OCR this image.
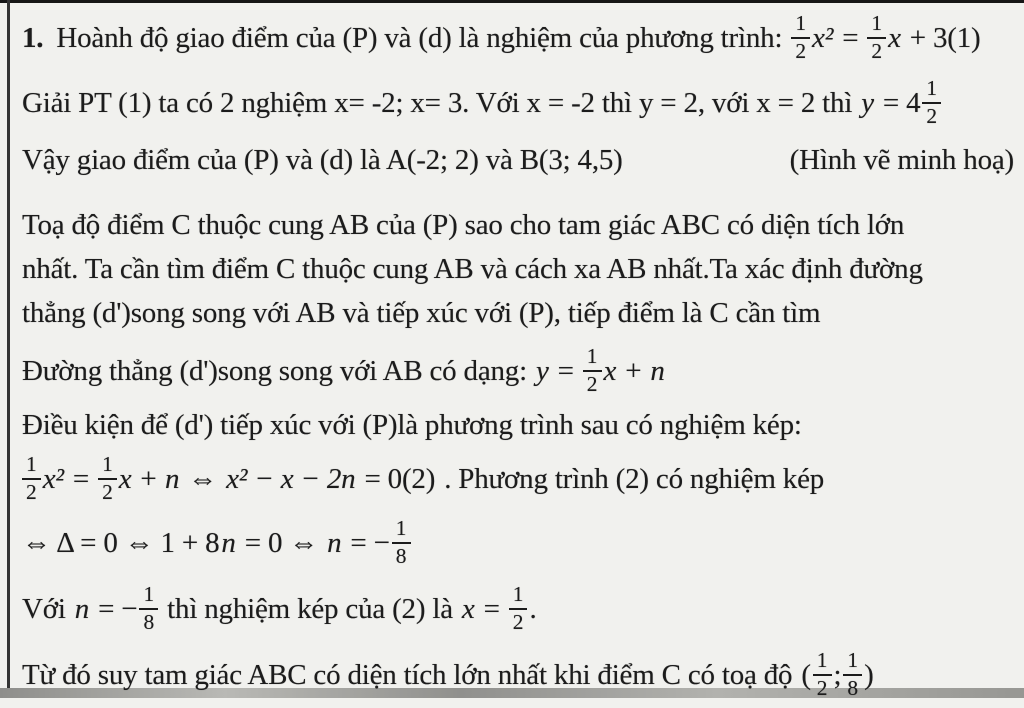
1. Hoành độ giao điểm của (P) và (d) là nghiệm của phương trình: $\frac{1}{2} x^2 = \frac{1}{2}$ x + 3(1)
Giải PT (1) ta có 2 nghiệm x= -2; x= 3. Với x = -2 thì y = 2, với x = 2 thì $y = 4 \frac{1}{2}$
Vậy giao điểm của (P) và (d) là A(-2; 2) và B(3; 4,5)	(Hình vẽ minh hoạ)
Toạ độ điểm C thuộc cung AB của (P) sao cho tam giác ABC có diện tích lớn
nhất. Ta cần tìm điểm C thuộc cung AB và cách xa AB nhất.Ta xác định đường
thẳng (d')song song với AB và tiếp xúc với (P), tiếp điểm là C cần tìm
Đường thẳng (d')song song với AB có dạng: $y = \frac{1}{2}$ x + n
Điều kiện để (d') tiếp xúc với (P)là phương trình sau có nghiệm kép:
$\frac{1}{2} x^2 = \frac{1}{2}$ x + n ⇔ x² − x − 2n = 0(2) . Phương trình (2) có nghiệm kép
⇔ Δ = 0 ⇔ 1 + 8 n = 0 ⇔ n = − $\frac{1}{8}$
Với n = − $\frac{1}{8}$ thì nghiệm kép của (2) là $x = \frac{1}{2}$ .
Từ đó suy tam giác ABC có diện tích lớn nhất khi điểm C có toạ độ ( $\frac{1}{2}$ ; $\frac{1}{8}$ )
